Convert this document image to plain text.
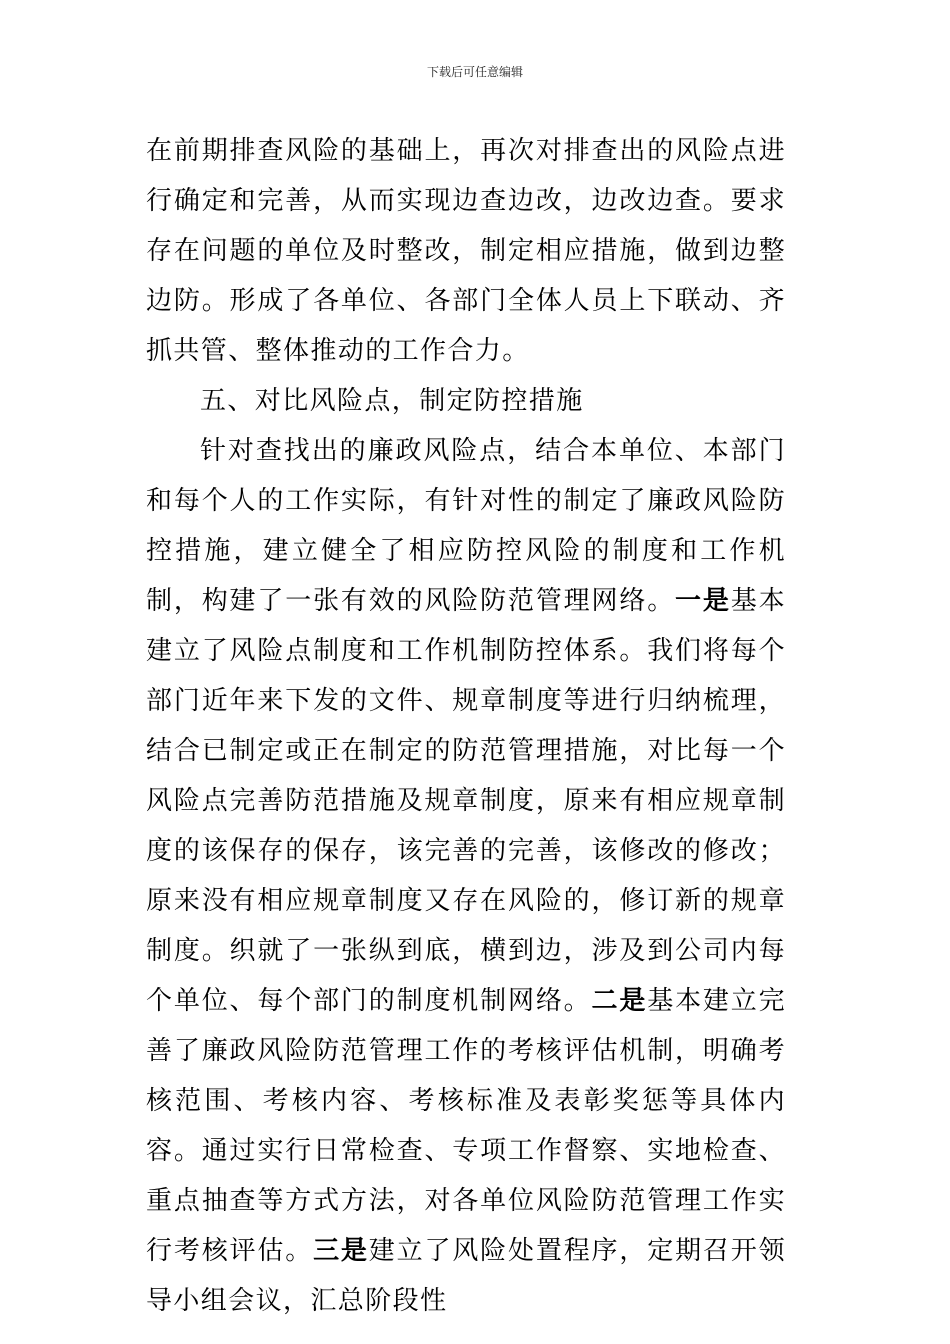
下载后可任意编辑

在前期排查风险的基础上，再次对排查出的风险点进行确定和完善，从而实现边查边改，边改边查。要求存在问题的单位及时整改，制定相应措施，做到边整边防。形成了各单位、各部门全体人员上下联动、齐抓共管、整体推动的工作合力。

五、对比风险点，制定防控措施

针对查找出的廉政风险点，结合本单位、本部门和每个人的工作实际，有针对性的制定了廉政风险防控措施，建立健全了相应防控风险的制度和工作机制，构建了一张有效的风险防范管理网络。一是基本建立了风险点制度和工作机制防控体系。我们将每个部门近年来下发的文件、规章制度等进行归纳梳理，结合已制定或正在制定的防范管理措施，对比每一个风险点完善防范措施及规章制度，原来有相应规章制度的该保存的保存，该完善的完善，该修改的修改；原来没有相应规章制度又存在风险的，修订新的规章制度。织就了一张纵到底，横到边，涉及到公司内每个单位、每个部门的制度机制网络。二是基本建立完善了廉政风险防范管理工作的考核评估机制，明确考核范围、考核内容、考核标准及表彰奖惩等具体内容。通过实行日常检查、专项工作督察、实地检查、重点抽查等方式方法，对各单位风险防范管理工作实行考核评估。三是建立了风险处置程序，定期召开领导小组会议，汇总阶段性
